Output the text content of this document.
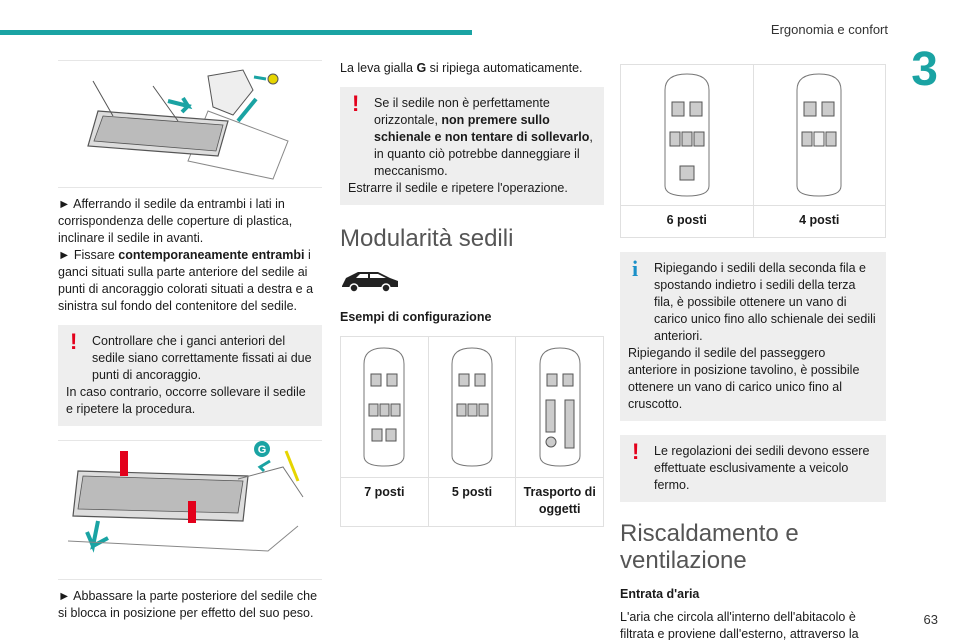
Ergonomia e confort
3
63

► Afferrando il sedile da entrambi i lati in corrispondenza delle coperture di plastica, inclinare il sedile in avanti.

► Fissare contemporaneamente entrambi i ganci situati sulla parte anteriore del sedile ai punti di ancoraggio colorati situati a destra e a sinistra sul fondo del contenitore del sedile.

!	Controllare che i ganci anteriori del sedile siano correttamente fissati ai due punti di ancoraggio.

In caso contrario, occorre sollevare il sedile e ripetere la procedura.

G

► Abbassare la parte posteriore del sedile che si blocca in posizione per effetto del suo peso.

La leva gialla G si ripiega automaticamente.

!	Se il sedile non è perfettamente orizzontale, non premere sullo schienale e non tentare di sollevarlo, in quanto ciò potrebbe danneggiare il meccanismo.

Estrarre il sedile e ripetere l'operazione.

Modularità sedili
Esempi di configurazione
7 posti	5 posti	Trasporto di oggetti
6 posti	4 posti
i	Ripiegando i sedili della seconda fila e spostando indietro i sedili della terza fila, è possibile ottenere un vano di carico unico fino allo schienale dei sedili anteriori.

Ripiegando il sedile del passeggero anteriore in posizione tavolino, è possibile ottenere un vano di carico unico fino al cruscotto.

!	Le regolazioni dei sedili devono essere effettuate esclusivamente a veicolo fermo.

Riscaldamento e ventilazione
Entrata d'aria

L'aria che circola all'interno dell'abitacolo è filtrata e proviene dall'esterno, attraverso la
